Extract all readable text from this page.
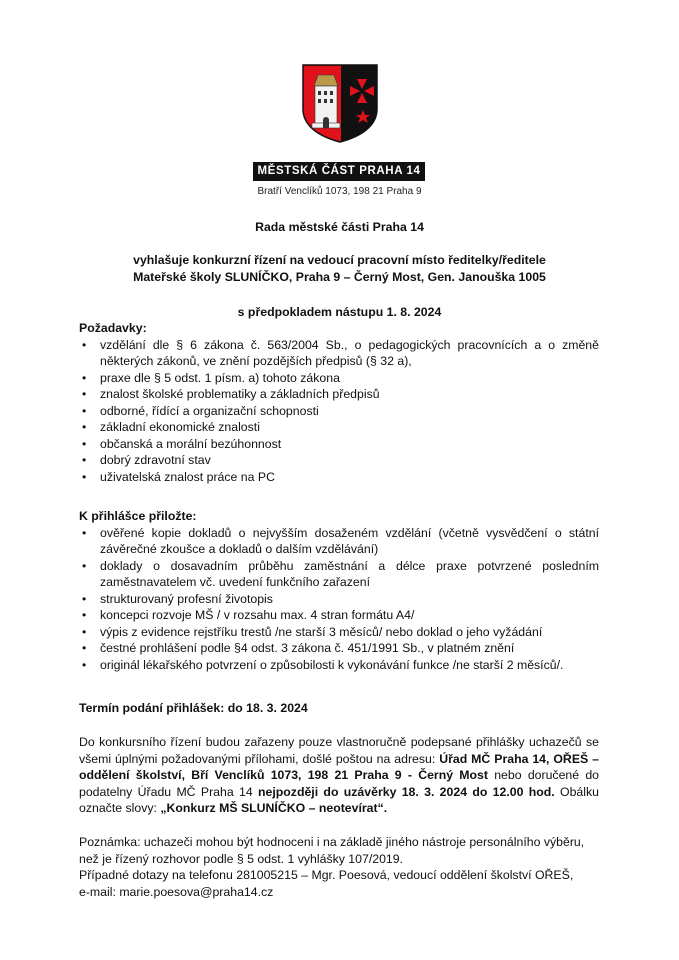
MĚSTSKÁ ČÁST PRAHA 14
Bratří Venclíků 1073, 198 21 Praha 9
Rada městské části Praha 14
vyhlašuje konkurzní řízení na vedoucí pracovní místo ředitelky/ředitele
Mateřské školy SLUNÍČKO, Praha 9 – Černý Most, Gen. Janouška 1005
s předpokladem nástupu 1. 8. 2024
Požadavky:
• vzdělání dle § 6 zákona č. 563/2004 Sb., o pedagogických pracovnících a o změně některých zákonů, ve znění pozdějších předpisů (§ 32 a),
• praxe dle § 5 odst. 1 písm. a) tohoto zákona
• znalost školské problematiky a základních předpisů
• odborné, řídící a organizační schopnosti
• základní ekonomické znalosti
• občanská a morální bezúhonnost
• dobrý zdravotní stav
• uživatelská znalost práce na PC
K přihlášce přiložte:
• ověřené kopie dokladů o nejvyšším dosaženém vzdělání (včetně vysvědčení o státní závěrečné zkoušce a dokladů o dalším vzdělávání)
• doklady o dosavadním průběhu zaměstnání a délce praxe potvrzené posledním zaměstnavatelem vč. uvedení funkčního zařazení
• strukturovaný profesní životopis
• koncepci rozvoje MŠ / v rozsahu max. 4 stran formátu A4/
• výpis z evidence rejstříku trestů /ne starší 3 měsíců/ nebo doklad o jeho vyžádání
• čestné prohlášení podle §4 odst. 3 zákona č. 451/1991 Sb., v platném znění
• originál lékařského potvrzení o způsobilosti k vykonávání funkce /ne starší 2 měsíců/.
Termín podání přihlášek: do 18. 3. 2024
Do konkursního řízení budou zařazeny pouze vlastnoručně podepsané přihlášky uchazečů se všemi úplnými požadovanými přílohami, došlé poštou na adresu: Úřad MČ Praha 14, OŘEŠ – oddělení školství, Bří Venclíků 1073, 198 21 Praha 9 - Černý Most nebo doručené do podatelny Úřadu MČ Praha 14 nejpozději do uzávěrky 18. 3. 2024 do 12.00 hod. Obálku označte slovy: „Konkurz MŠ SLUNÍČKO – neotevírat“.
Poznámka: uchazeči mohou být hodnoceni i na základě jiného nástroje personálního výběru, než je řízený rozhovor podle § 5 odst. 1 vyhlášky 107/2019.
Případné dotazy na telefonu 281005215 – Mgr. Poesová, vedoucí oddělení školství OŘEŠ,
e-mail: marie.poesova@praha14.cz
